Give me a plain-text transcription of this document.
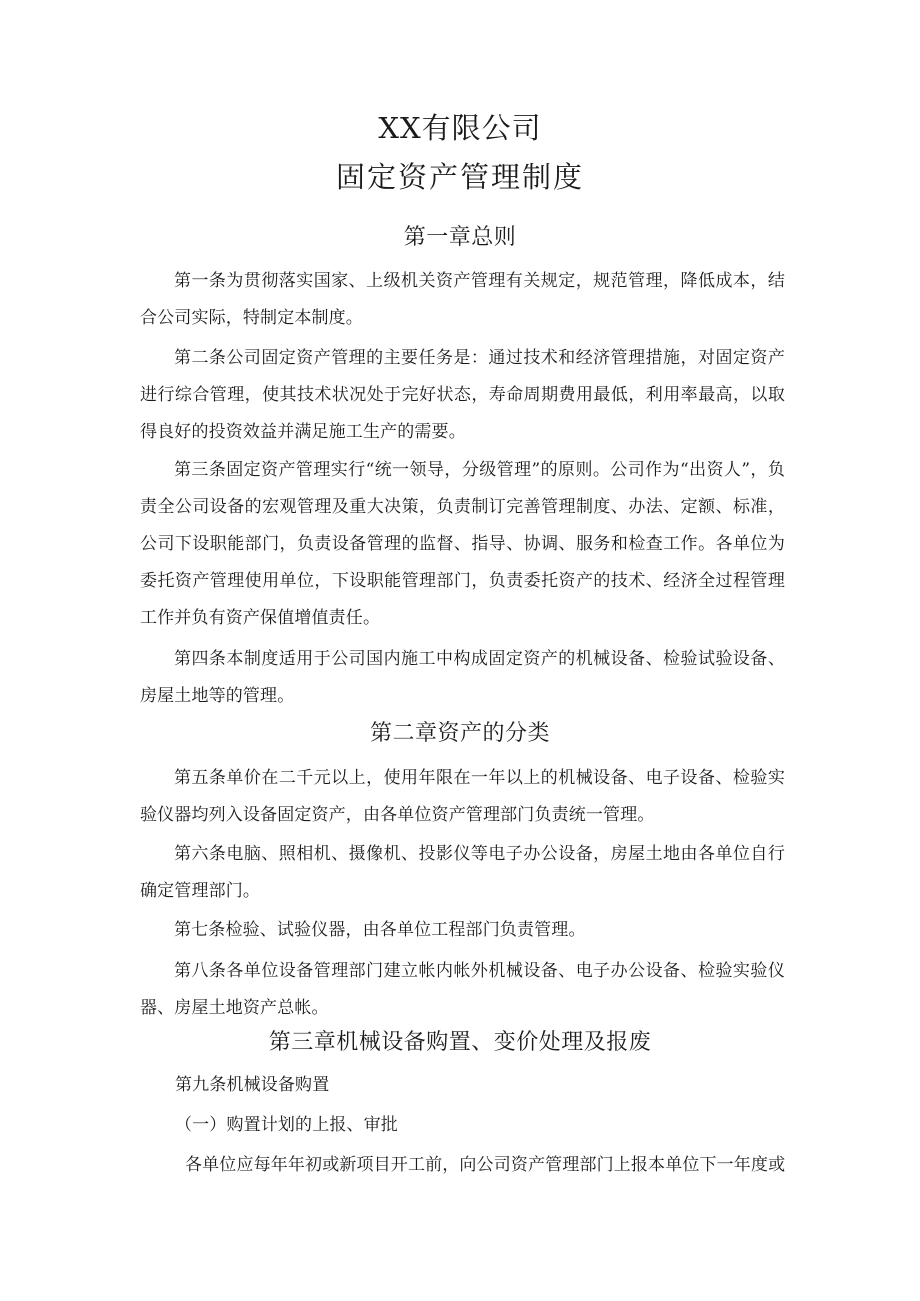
XX有限公司
固定资产管理制度
第一章总则
第一条为贯彻落实国家、上级机关资产管理有关规定，规范管理，降低成本，结合公司实际，特制定本制度。
第二条公司固定资产管理的主要任务是：通过技术和经济管理措施，对固定资产进行综合管理，使其技术状况处于完好状态，寿命周期费用最低，利用率最高，以取得良好的投资效益并满足施工生产的需要。
第三条固定资产管理实行“统一领导，分级管理”的原则。公司作为“出资人”，负责全公司设备的宏观管理及重大决策，负责制订完善管理制度、办法、定额、标准，公司下设职能部门，负责设备管理的监督、指导、协调、服务和检查工作。各单位为委托资产管理使用单位，下设职能管理部门，负责委托资产的技术、经济全过程管理工作并负有资产保值增值责任。
第四条本制度适用于公司国内施工中构成固定资产的机械设备、检验试验设备、房屋土地等的管理。
第二章资产的分类
第五条单价在二千元以上，使用年限在一年以上的机械设备、电子设备、检验实验仪器均列入设备固定资产，由各单位资产管理部门负责统一管理。
第六条电脑、照相机、摄像机、投影仪等电子办公设备，房屋土地由各单位自行确定管理部门。
第七条检验、试验仪器，由各单位工程部门负责管理。
第八条各单位设备管理部门建立帐内帐外机械设备、电子办公设备、检验实验仪器、房屋土地资产总帐。
第三章机械设备购置、变价处理及报废
第九条机械设备购置
（一）购置计划的上报、审批
各单位应每年年初或新项目开工前，向公司资产管理部门上报本单位下一年度或
